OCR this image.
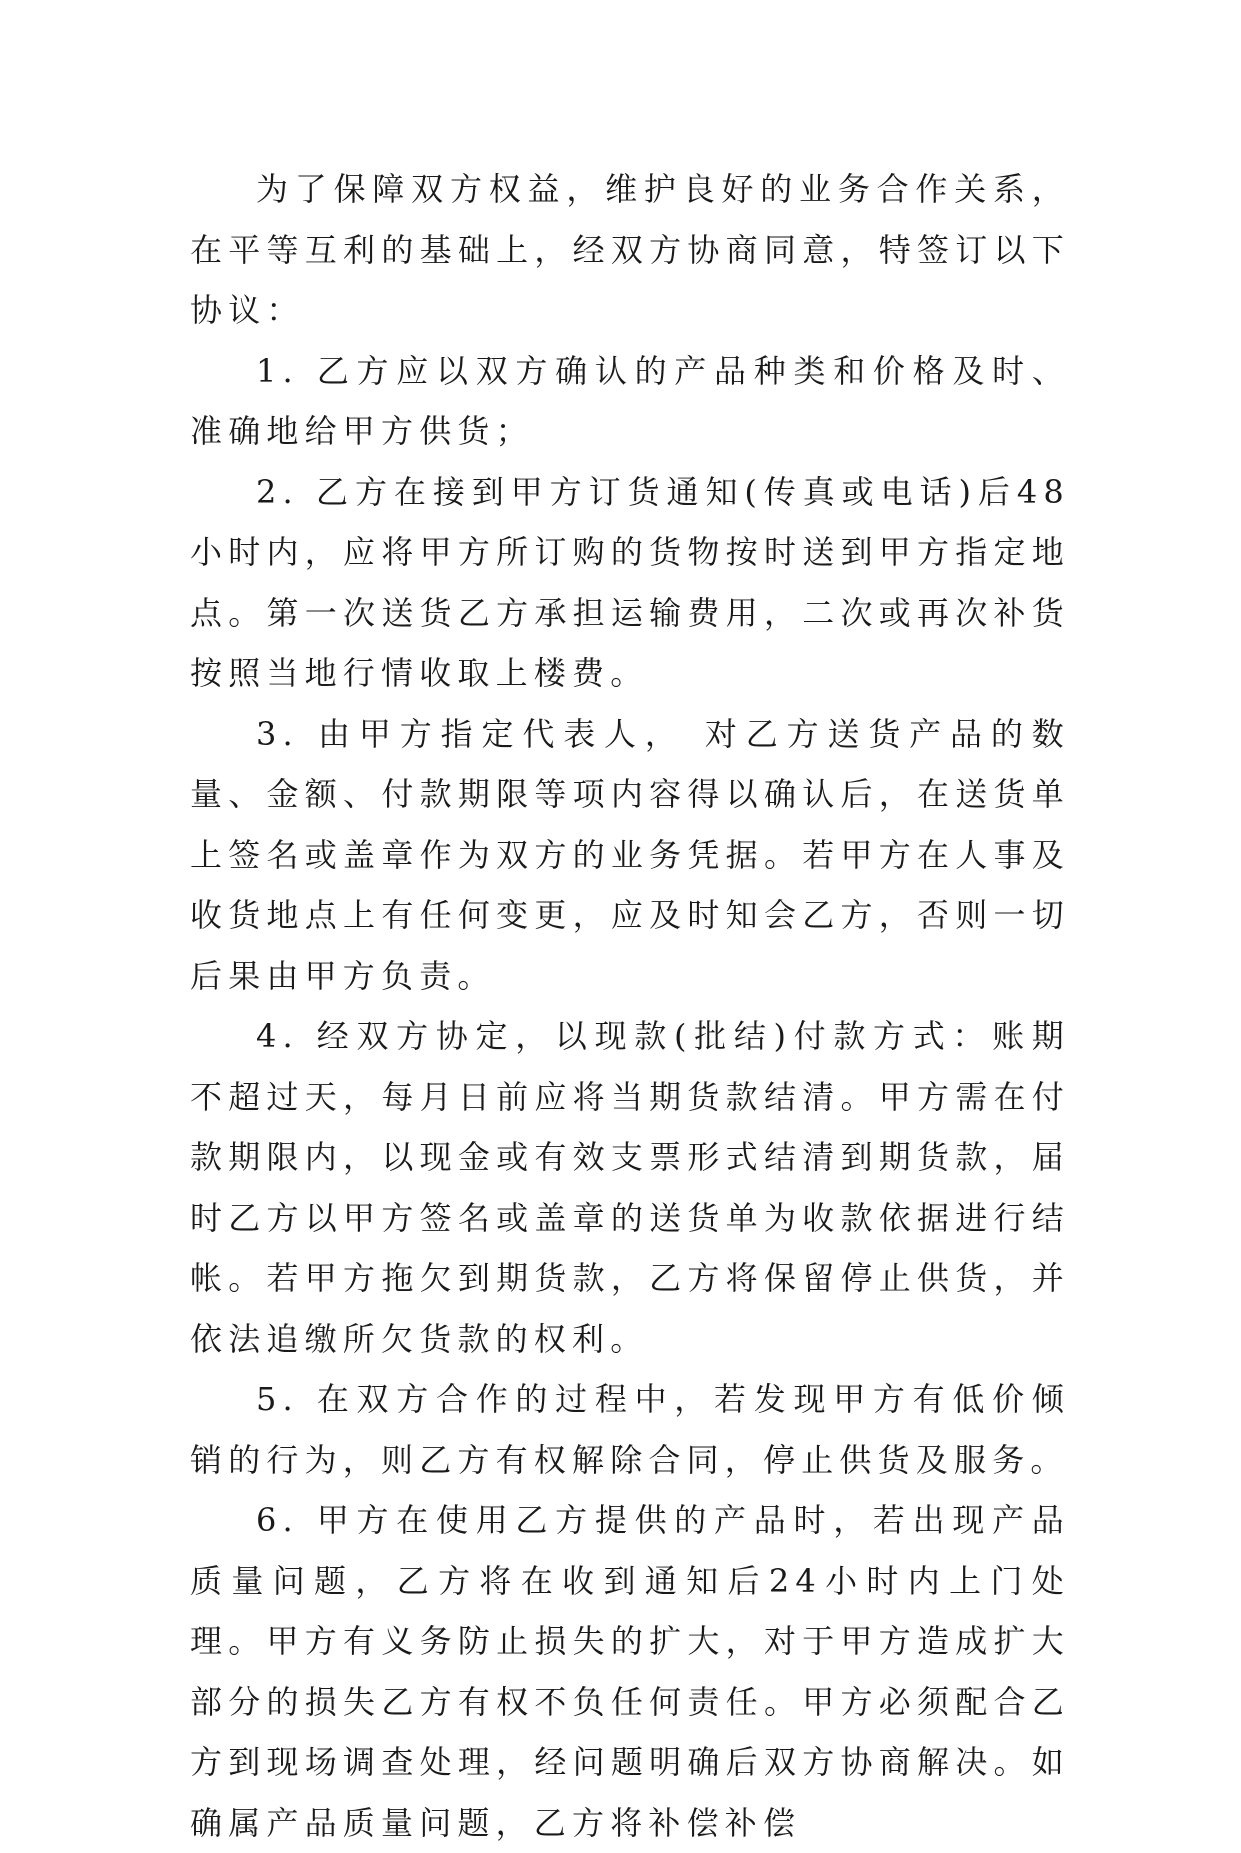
为了保障双方权益，维护良好的业务合作关系，在平等互利的基础上，经双方协商同意，特签订以下协议：

1. 乙方应以双方确认的产品种类和价格及时、准确地给甲方供货；

2. 乙方在接到甲方订货通知(传真或电话)后48小时内，应将甲方所订购的货物按时送到甲方指定地点。第一次送货乙方承担运输费用，二次或再次补货按照当地行情收取上楼费。

3. 由甲方指定代表人， 对乙方送货产品的数量、金额、付款期限等项内容得以确认后，在送货单上签名或盖章作为双方的业务凭据。若甲方在人事及收货地点上有任何变更，应及时知会乙方，否则一切后果由甲方负责。

4. 经双方协定，以现款(批结)付款方式：账期不超过天，每月日前应将当期货款结清。甲方需在付款期限内，以现金或有效支票形式结清到期货款，届时乙方以甲方签名或盖章的送货单为收款依据进行结帐。若甲方拖欠到期货款，乙方将保留停止供货，并依法追缴所欠货款的权利。

5. 在双方合作的过程中，若发现甲方有低价倾销的行为，则乙方有权解除合同，停止供货及服务。

6. 甲方在使用乙方提供的产品时，若出现产品质量问题，乙方将在收到通知后24小时内上门处理。甲方有义务防止损失的扩大，对于甲方造成扩大部分的损失乙方有权不负任何责任。甲方必须配合乙方到现场调查处理，经问题明确后双方协商解决。如确属产品质量问题，乙方将补偿补偿
